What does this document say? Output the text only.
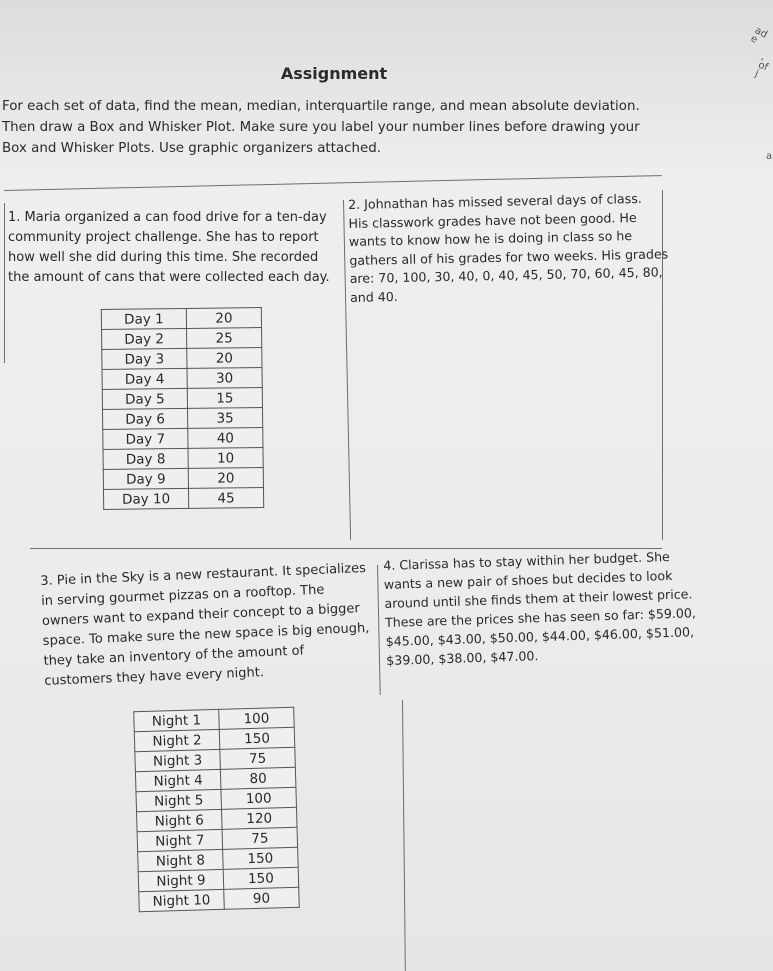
ad e
, of j
a
Assignment

For each set of data, find the mean, median, interquartile range, and mean absolute deviation.

Then draw a Box and Whisker Plot. Make sure you label your number lines before drawing your

Box and Whisker Plots. Use graphic organizers attached.

1. Maria organized a can food drive for a ten-day

community project challenge. She has to report

how well she did during this time. She recorded

the amount of cans that were collected each day.

Day 1	20
Day 2	25
Day 3	20
Day 4	30
Day 5	15
Day 6	35
Day 7	40
Day 8	10
Day 9	20
Day 10	45

2. Johnathan has missed several days of class.

His classwork grades have not been good. He

wants to know how he is doing in class so he

gathers all of his grades for two weeks. His grades

are: 70, 100, 30, 40, 0, 40, 45, 50, 70, 60, 45, 80,

and 40.

3. Pie in the Sky is a new restaurant. It specializes

in serving gourmet pizzas on a rooftop. The

owners want to expand their concept to a bigger

space. To make sure the new space is big enough,

they take an inventory of the amount of

customers they have every night.

Night 1	100
Night 2	150
Night 3	75
Night 4	80
Night 5	100
Night 6	120
Night 7	75
Night 8	150
Night 9	150
Night 10	90

4. Clarissa has to stay within her budget. She

wants a new pair of shoes but decides to look

around until she finds them at their lowest price.

These are the prices she has seen so far: $59.00,

$45.00, $43.00, $50.00, $44.00, $46.00, $51.00,

$39.00, $38.00, $47.00.
